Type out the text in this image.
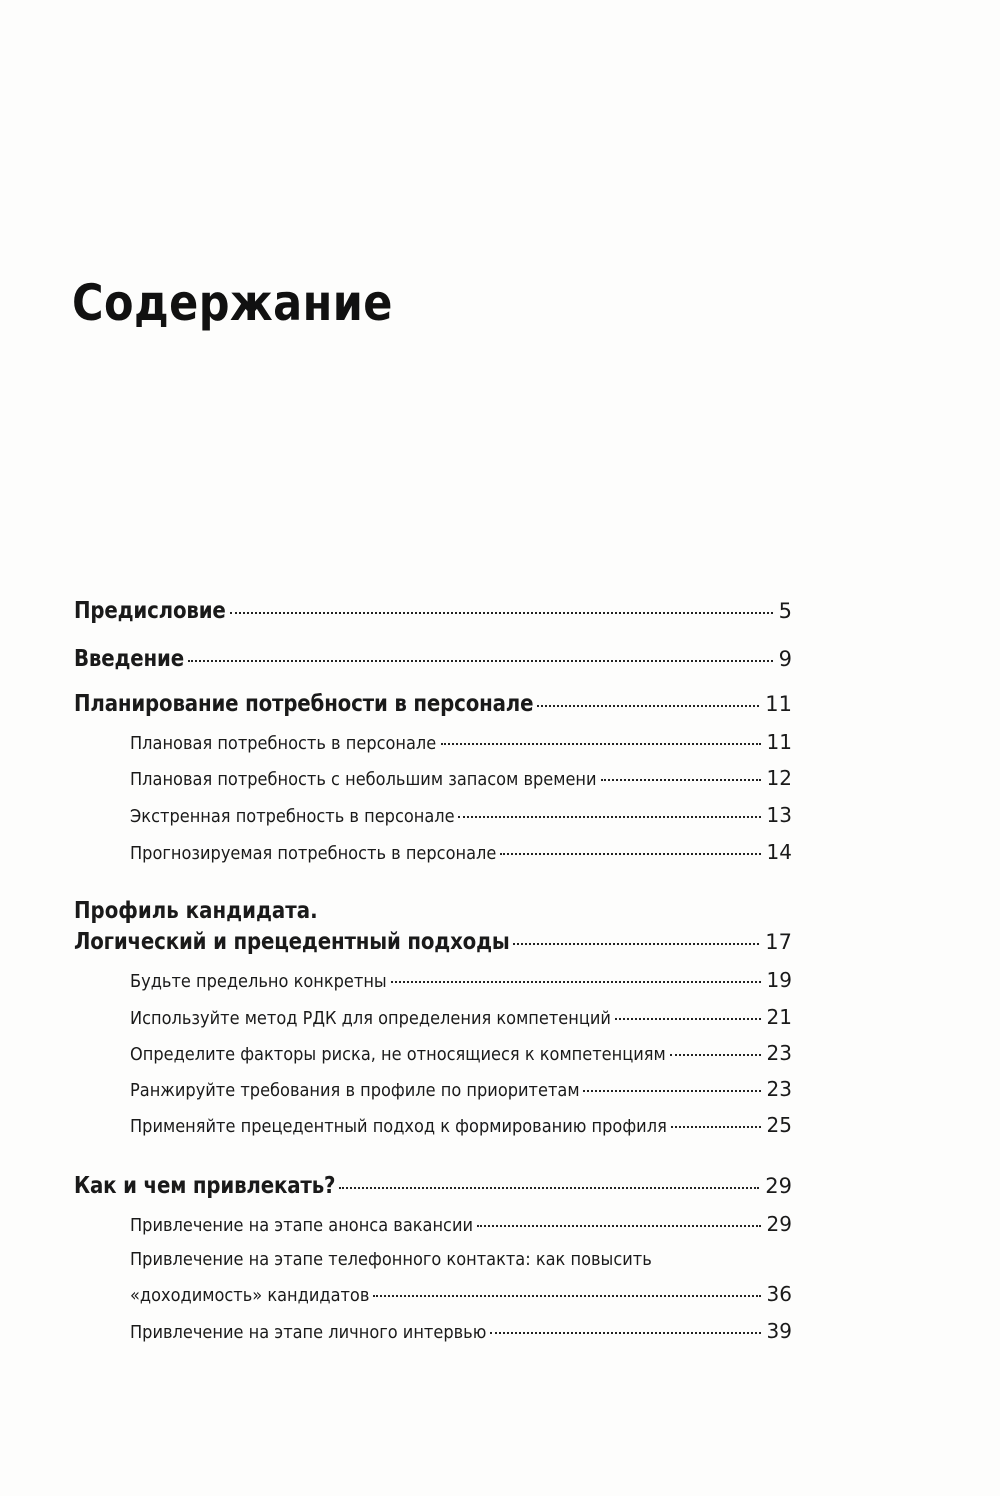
Содержание
Предисловие	5
Введение	9
Планирование потребности в персонале	11
Плановая потребность в персонале	11
Плановая потребность с небольшим запасом времени	12
Экстренная потребность в персонале	13
Прогнозируемая потребность в персонале	14
Профиль кандидата.
Логический и прецедентный подходы	17
Будьте предельно конкретны	19
Используйте метод РДК для определения компетенций	21
Определите факторы риска, не относящиеся к компетенциям	23
Ранжируйте требования в профиле по приоритетам	23
Применяйте прецедентный подход к формированию профиля	25
Как и чем привлекать?	29
Привлечение на этапе анонса вакансии	29
Привлечение на этапе телефонного контакта: как повысить
«доходимость» кандидатов	36
Привлечение на этапе личного интервью	39
